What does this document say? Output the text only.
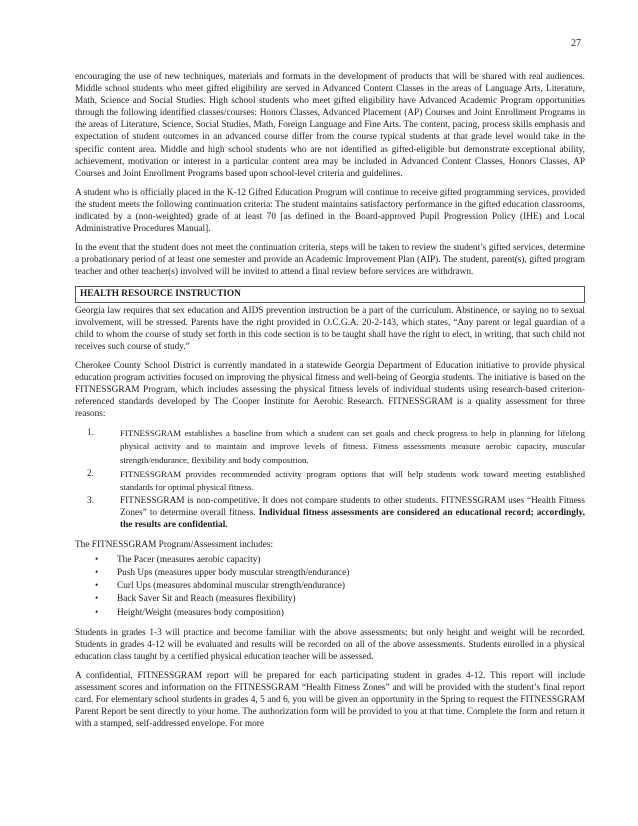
27

encouraging the use of new techniques, materials and formats in the development of products that will be shared with real audiences. Middle school students who meet gifted eligibility are served in Advanced Content Classes in the areas of Language Arts, Literature, Math, Science and Social Studies. High school students who meet gifted eligibility have Advanced Academic Program opportunities through the following identified classes/courses: Honors Classes, Advanced Placement (AP) Courses and Joint Enrollment Programs in the areas of Literature, Science, Social Studies, Math, Foreign Language and Fine Arts. The content, pacing, process skills emphasis and expectation of student outcomes in an advanced course differ from the course typical students at that grade level would take in the specific content area. Middle and high school students who are not identified as gifted-eligible but demonstrate exceptional ability, achievement, motivation or interest in a particular content area may be included in Advanced Content Classes, Honors Classes, AP Courses and Joint Enrollment Programs based upon school-level criteria and guidelines.

A student who is officially placed in the K-12 Gifted Education Program will continue to receive gifted programming services, provided the student meets the following continuation criteria: The student maintains satisfactory performance in the gifted education classrooms, indicated by a (non-weighted) grade of at least 70 [as defined in the Board-approved Pupil Progression Policy (IHE) and Local Administrative Procedures Manual].

In the event that the student does not meet the continuation criteria, steps will be taken to review the student’s gifted services, determine a probationary period of at least one semester and provide an Academic Improvement Plan (AIP). The student, parent(s), gifted program teacher and other teacher(s) involved will be invited to attend a final review before services are withdrawn.

HEALTH RESOURCE INSTRUCTION

Georgia law requires that sex education and AIDS prevention instruction be a part of the curriculum. Abstinence, or saying no to sexual involvement, will be stressed. Parents have the right provided in O.C.G.A. 20-2-143, which states, “Any parent or legal guardian of a child to whom the course of study set forth in this code section is to be taught shall have the right to elect, in writing, that such child not receives such course of study.”

Cherokee County School District is currently mandated in a statewide Georgia Department of Education initiative to provide physical education program activities focused on improving the physical fitness and well-being of Georgia students. The initiative is based on the FITNESSGRAM Program, which includes assessing the physical fitness levels of individual students using research-based criterion-referenced standards developed by The Cooper Institute for Aerobic Research. FITNESSGRAM is a quality assessment for three reasons:

1.	FITNESSGRAM establishes a baseline from which a student can set goals and check progress to help in planning for lifelong physical activity and to maintain and improve levels of fitness. Fitness assessments measure aerobic capacity, muscular strength/endurance, flexibility and body composition.
2.	FITNESSGRAM provides recommended activity program options that will help students work toward meeting established standards for optimal physical fitness.
3.	FITNESSGRAM is non-competitive. It does not compare students to other students. FITNESSGRAM uses “Health Fitness Zones” to determine overall fitness. Individual fitness assessments are considered an educational record; accordingly, the results are confidential.

The FITNESSGRAM Program/Assessment includes:

• The Pacer (measures aerobic capacity)
• Push Ups (measures upper body muscular strength/endurance)
• Curl Ups (measures abdominal muscular strength/endurance)
• Back Saver Sit and Reach (measures flexibility)
• Height/Weight (measures body composition)

Students in grades 1-3 will practice and become familiar with the above assessments; but only height and weight will be recorded. Students in grades 4-12 will be evaluated and results will be recorded on all of the above assessments. Students enrolled in a physical education class taught by a certified physical education teacher will be assessed.

A confidential, FITNESSGRAM report will be prepared for each participating student in grades 4-12. This report will include assessment scores and information on the FITNESSGRAM “Health Fitness Zones” and will be provided with the student’s final report card. For elementary school students in grades 4, 5 and 6, you will be given an opportunity in the Spring to request the FITNESSGRAM Parent Report be sent directly to your home. The authorization form will be provided to you at that time. Complete the form and return it with a stamped, self-addressed envelope. For more
